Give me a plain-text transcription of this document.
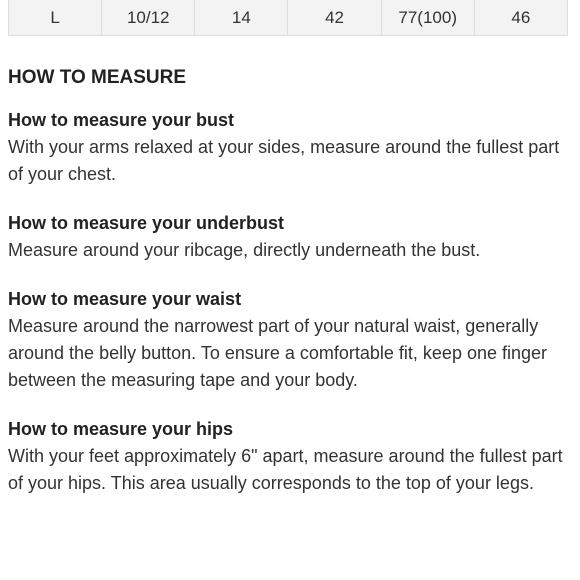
L	10/12	14	42	77(100)	46
HOW TO MEASURE
How to measure your bust
With your arms relaxed at your sides, measure around the fullest part of your chest.
How to measure your underbust
Measure around your ribcage, directly underneath the bust.
How to measure your waist
Measure around the narrowest part of your natural waist, generally around the belly button. To ensure a comfortable fit, keep one finger between the measuring tape and your body.
How to measure your hips
With your feet approximately 6" apart, measure around the fullest part of your hips. This area usually corresponds to the top of your legs.
